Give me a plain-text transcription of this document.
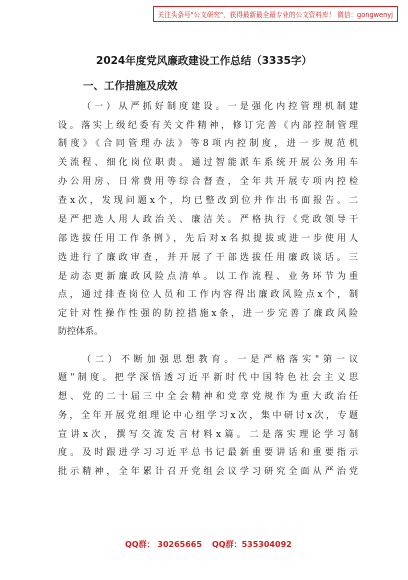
关注头条号"公文研究"，获得最新最全最专业的公文资料库！ 微信：gongwenyj
2024年度党风廉政建设工作总结（3335字）
一、工作措施及成效
（一）从严抓好制度建设。一是强化内控管理机制建
设。落实上级纪委有关文件精神，修订完善《内部控制管理
制度》《合同管理办法》等8项内控制度，进一步规范机
关流程、细化岗位职责。通过智能派车系统开展公务用车
办公用房、日常费用等综合督查，全年共开展专项内控检
查x次，发现问题x个，均已整改到位并作出书面报告。二
是严把选人用人政治关、廉洁关。严格执行《党政领导干
部选拔任用工作条例》，先后对x名拟提拔或进一步使用人
选进行了廉政审查，并开展了干部选拔任用廉政谈话。三
是动态更新廉政风险点清单。以工作流程、业务环节为重
点，通过排查岗位人员和工作内容得出廉政风险点x个，制
定针对性操作性强的防控措施x条，进一步完善了廉政风险
防控体系。
（二）不断加强思想教育。一是严格落实"第一议
题"制度。把学深悟透习近平新时代中国特色社会主义思
想、党的二十届三中全会精神和党章党规作为重大政治任
务，全年开展党组理论中心组学习x次，集中研讨x次，专题
宣讲x次，撰写交流发言材料x篇。二是落实理论学习制
度。及时跟进学习习近平总书记最新重要讲话和重要指示
批示精神，全年累计召开党组会议学习研究全面从严治党
QQ群： 30265665 QQ群：535304092
